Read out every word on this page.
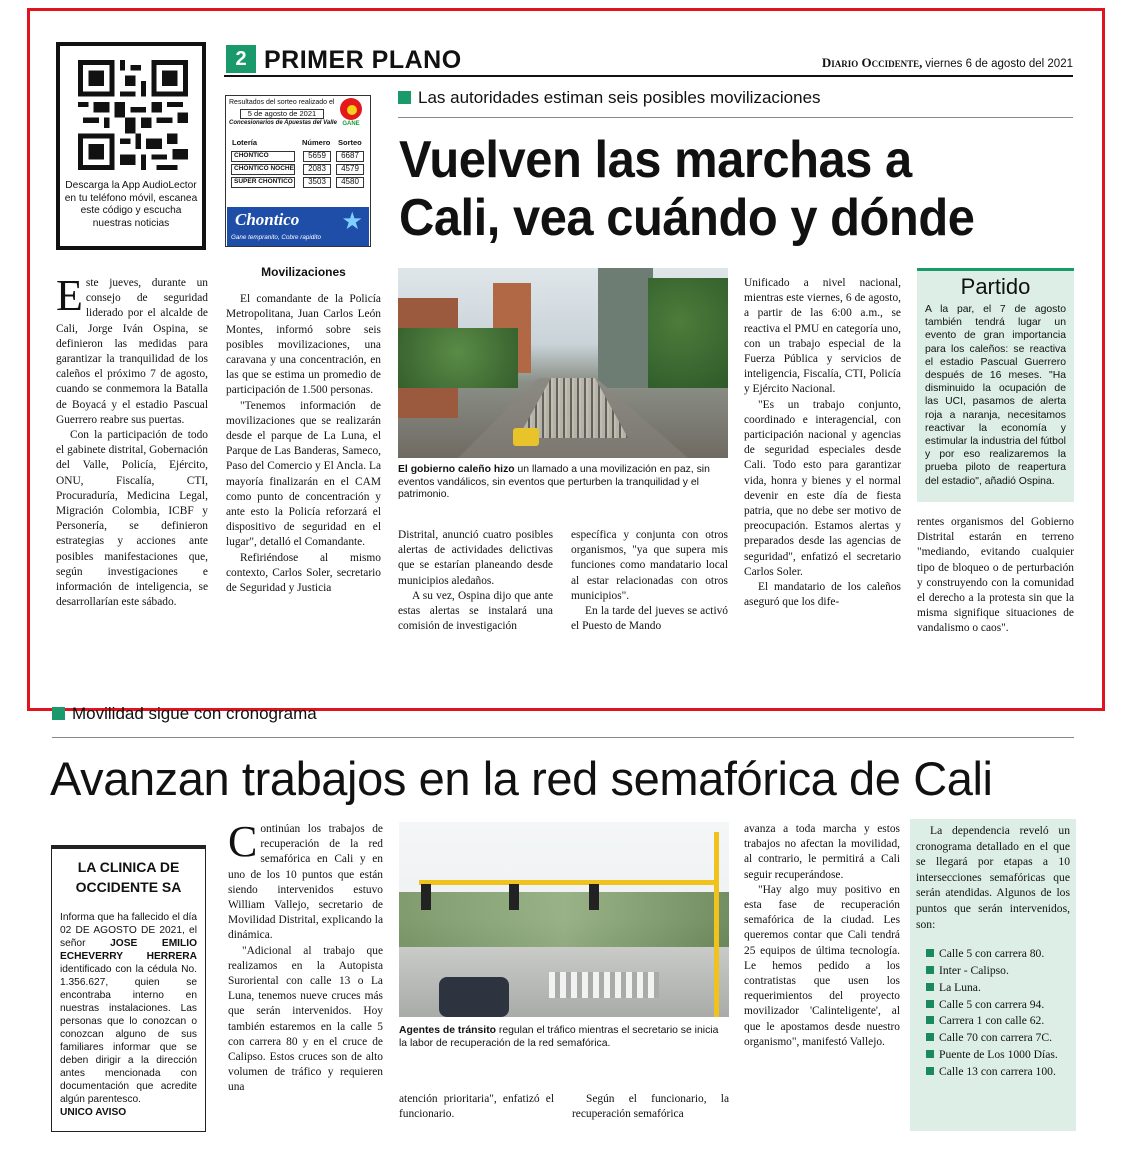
Descarga la App AudioLector en tu teléfono móvil, escanea este código y escucha nuestras noticias
2 PRIMER PLANO	Diario Occidente, viernes 6 de agosto del 2021
Resultados del sorteo realizado el
5 de agosto de 2021
Concesionarios de Apuestas del Valle GANE
Lotería	Número Sorteo
CHONTICO	5659	6687
CHONTICO NOCHE	2083	4579
SUPER CHONTICO	3503	4580
★
Chontico
Gane tempranito, Cobre rapidito
Las autoridades estiman seis posibles movilizaciones
Vuelven las marchas a
Cali, vea cuándo y dónde

Este jueves, durante un consejo de seguridad liderado por el alcalde de Cali, Jorge Iván Ospina, se definieron las medidas para garantizar la tranquilidad de los caleños el próximo 7 de agosto, cuando se conmemora la Batalla de Boyacá y el estadio Pascual Guerrero reabre sus puertas.

Con la participación de todo el gabinete distrital, Gobernación del Valle, Policía, Ejército, ONU, Fiscalía, CTI, Procuraduría, Medicina Legal, Migración Colombia, ICBF y Personería, se definieron estrategias y acciones ante posibles manifestaciones que, según investigaciones e información de inteligencia, se desarrollarían este sábado.

Movilizaciones

El comandante de la Policía Metropolitana, Juan Carlos León Montes, informó sobre seis posibles movilizaciones, una caravana y una concentración, en las que se estima un promedio de participación de 1.500 personas.

"Tenemos información de movilizaciones que se realizarán desde el parque de La Luna, el Parque de Las Banderas, Sameco, Paso del Comercio y El Ancla. La mayoría finalizarán en el CAM como punto de concentración y ante esto la Policía reforzará el dispositivo de seguridad en el lugar", detalló el Comandante.

Refiriéndose al mismo contexto, Carlos Soler, secretario de Seguridad y Justicia

El gobierno caleño hizo un llamado a una movilización en paz, sin eventos vandálicos, sin eventos que perturben la tranquilidad y el patrimonio.

Distrital, anunció cuatro posibles alertas de actividades delictivas que se estarían planeando desde municipios aledaños.

A su vez, Ospina dijo que ante estas alertas se instalará una comisión de investigación

específica y conjunta con otros organismos, "ya que supera mis funciones como mandatario local al estar relacionadas con otros municipios".

En la tarde del jueves se activó el Puesto de Mando

Unificado a nivel nacional, mientras este viernes, 6 de agosto, a partir de las 6:00 a.m., se reactiva el PMU en categoría uno, con un trabajo especial de la Fuerza Pública y servicios de inteligencia, Fiscalía, CTI, Policía y Ejército Nacional.

"Es un trabajo conjunto, coordinado e interagencial, con participación nacional y agencias de seguridad especiales desde Cali. Todo esto para garantizar vida, honra y bienes y el normal devenir en este día de fiesta patria, que no debe ser motivo de preocupación. Estamos alertas y preparados desde las agencias de seguridad", enfatizó el secretario Carlos Soler.

El mandatario de los caleños aseguró que los dife-

Partido
A la par, el 7 de agosto también tendrá lugar un evento de gran importancia para los caleños: se reactiva el estadio Pascual Guerrero después de 16 meses. "Ha disminuido la ocupación de las UCI, pasamos de alerta roja a naranja, necesitamos reactivar la economía y estimular la industria del fútbol y por eso realizaremos la prueba piloto de reapertura del estadio", añadió Ospina.

rentes organismos del Gobierno Distrital estarán en terreno "mediando, evitando cualquier tipo de bloqueo o de perturbación y construyendo con la comunidad el derecho a la protesta sin que la misma signifique situaciones de vandalismo o caos".

Movilidad sigue con cronograma
Avanzan trabajos en la red semafórica de Cali
LA CLINICA DE
OCCIDENTE SA
Informa que ha fallecido el día 02 DE AGOSTO DE 2021, el señor JOSE EMILIO ECHEVERRY HERRERA identificado con la cédula No. 1.356.627, quien se encontraba interno en nuestras instalaciones. Las personas que lo conozcan o conozcan alguno de sus familiares informar que se deben dirigir a la dirección antes mencionada con documentación que acredite algún parentesco.
UNICO AVISO

Continúan los trabajos de recuperación de la red semafórica en Cali y en uno de los 10 puntos que están siendo intervenidos estuvo William Vallejo, secretario de Movilidad Distrital, explicando la dinámica.

"Adicional al trabajo que realizamos en la Autopista Suroriental con calle 13 o La Luna, tenemos nueve cruces más que serán intervenidos. Hoy también estaremos en la calle 5 con carrera 80 y en el cruce de Calipso. Estos cruces son de alto volumen de tráfico y requieren una

Agentes de tránsito regulan el tráfico mientras el secretario se inicia la labor de recuperación de la red semafórica.

atención prioritaria", enfatizó el funcionario.

Según el funcionario, la recuperación semafórica

avanza a toda marcha y estos trabajos no afectan la movilidad, al contrario, le permitirá a Cali seguir recuperándose.

"Hay algo muy positivo en esta fase de recuperación semafórica de la ciudad. Les queremos contar que Cali tendrá 25 equipos de última tecnología. Le hemos pedido a los contratistas que usen los requerimientos del proyecto movilizador 'Calinteligente', al que le apostamos desde nuestro organismo", manifestó Vallejo.

La dependencia reveló un cronograma detallado en el que se llegará por etapas a 10 intersecciones semafóricas que serán atendidas. Algunos de los puntos que serán intervenidos, son:

Calle 5 con carrera 80.
Inter - Calipso.
La Luna.
Calle 5 con carrera 94.
Carrera 1 con calle 62.
Calle 70 con carrera 7C.
Puente de Los 1000 Días.
Calle 13 con carrera 100.
